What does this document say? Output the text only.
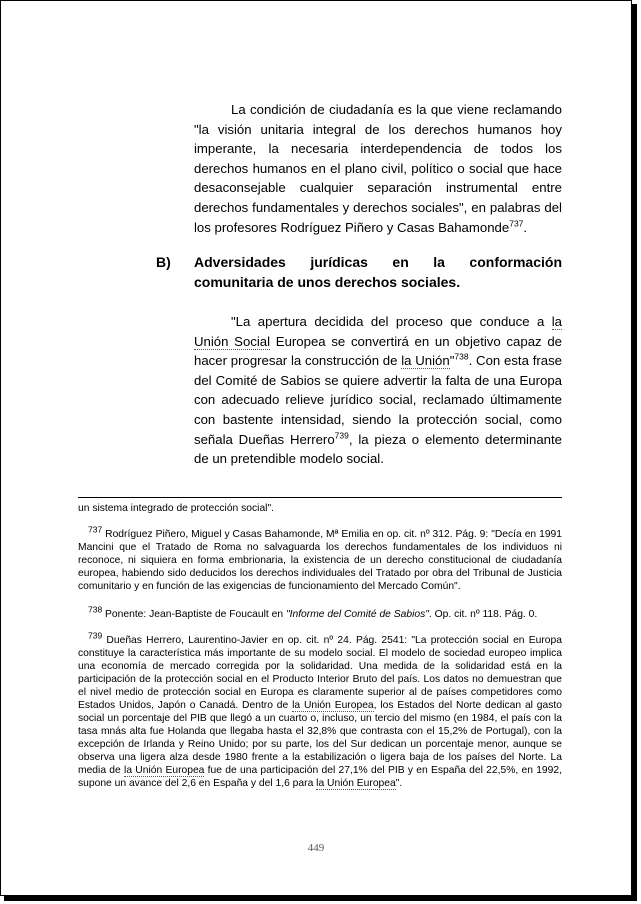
La condición de ciudadanía es la que viene reclamando "la visión unitaria integral de los derechos humanos hoy imperante, la necesaria interdependencia de todos los derechos humanos en el plano civil, político o social que hace desaconsejable cualquier separación instrumental entre derechos fundamentales y derechos sociales", en palabras del los profesores Rodríguez Piñero y Casas Bahamonde$^{737}$.

B) Adversidades jurídicas en la conformación
comunitaria de unos derechos sociales.

"La apertura decidida del proceso que conduce a la Unión Social Europea se convertirá en un objetivo capaz de hacer progresar la construcción de la Unión"$^{738}$. Con esta frase del Comité de Sabios se quiere advertir la falta de una Europa con adecuado relieve jurídico social, reclamado últimamente con bastente intensidad, siendo la protección social, como señala Dueñas Herrero$^{739}$, la pieza o elemento determinante de un pretendible modelo social.

un sistema integrado de protección social".

$^{737}$ Rodríguez Piñero, Miguel y Casas Bahamonde, Mª Emilia en op. cit. nº 312. Pág. 9: "Decía en 1991 Mancini que el Tratado de Roma no salvaguarda los derechos fundamentales de los individuos ni reconoce, ni siquiera en forma embrionaria, la existencia de un derecho constitucional de ciudadanía europea, habiendo sido deducidos los derechos individuales del Tratado por obra del Tribunal de Justicia comunitario y en función de las exigencias de funcionamiento del Mercado Común".

$^{738}$ Ponente: Jean-Baptiste de Foucault en "Informe del Comité de Sabios". Op. cit. nº 118. Pág. 0.

$^{739}$ Dueñas Herrero, Laurentino-Javier en op. cit. nº 24. Pág. 2541: "La protección social en Europa constituye la característica más importante de su modelo social. El modelo de sociedad europeo implica una economía de mercado corregida por la solidaridad. Una medida de la solidaridad está en la participación de la protección social en el Producto Interior Bruto del país. Los datos no demuestran que el nivel medio de protección social en Europa es claramente superior al de países competidores como Estados Unidos, Japón o Canadá. Dentro de la Unión Europea, los Estados del Norte dedican al gasto social un porcentaje del PIB que llegó a un cuarto o, incluso, un tercio del mismo (en 1984, el país con la tasa mnás alta fue Holanda que llegaba hasta el 32,8% que contrasta con el 15,2% de Portugal), con la excepción de Irlanda y Reino Unido; por su parte, los del Sur dedican un porcentaje menor, aunque se observa una ligera alza desde 1980 frente a la estabilización o ligera baja de los países del Norte. La media de la Unión Europea fue de una participación del 27,1% del PIB y en España del 22,5%, en 1992, supone un avance del 2,6 en España y del 1,6 para la Unión Europea".

449
